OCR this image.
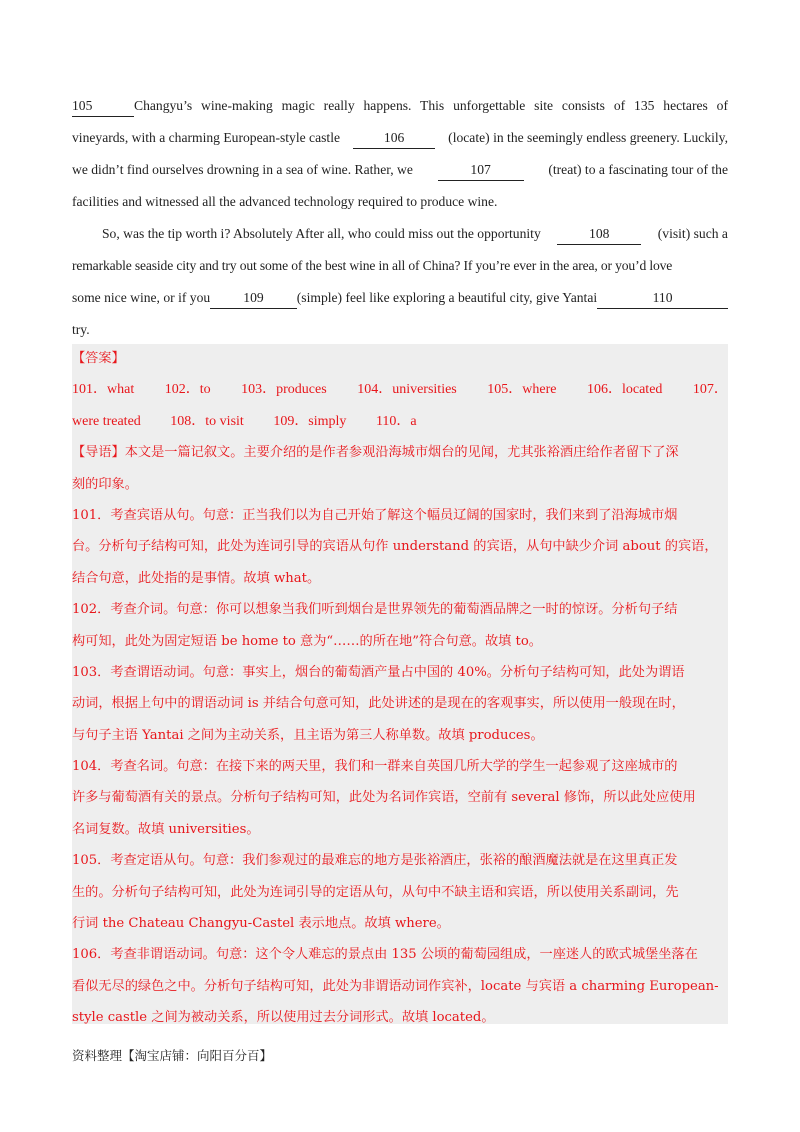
105	Changyu’s wine-making magic really happens. This unforgettable site consists of 135 hectares of
vineyards, with a charming European-style castle	106	(locate) in the seemingly endless greenery. Luckily,
we didn’t find ourselves drowning in a sea of wine. Rather, we	107	(treat) to a fascinating tour of the
facilities and witnessed all the advanced technology required to produce wine.
So, was the tip worth i? Absolutely After all, who could miss out the opportunity	108	(visit) such a
remarkable seaside city and try out some of the best wine in all of China? If you’re ever in the area, or you’d love
some nice wine, or if you	109	(simple) feel like exploring a beautiful city, give Yantai	110
try.
【答案】
101．what 102．to 103．produces 104．universities 105．where 106．located 107．
were treated 108．to visit 109．simply 110．a
【导语】本文是一篇记叙文。主要介绍的是作者参观沿海城市烟台的见闻，尤其张裕酒庄给作者留下了深
刻的印象。
101．考查宾语从句。句意：正当我们以为自己开始了解这个幅员辽阔的国家时，我们来到了沿海城市烟
台。分析句子结构可知，此处为连词引导的宾语从句作 understand 的宾语，从句中缺少介词 about 的宾语，
结合句意，此处指的是事情。故填 what。
102．考查介词。句意：你可以想象当我们听到烟台是世界领先的葡萄酒品牌之一时的惊讶。分析句子结
构可知，此处为固定短语 be home to 意为“……的所在地”符合句意。故填 to。
103．考查谓语动词。句意：事实上，烟台的葡萄酒产量占中国的 40%。分析句子结构可知，此处为谓语
动词，根据上句中的谓语动词 is 并结合句意可知，此处讲述的是现在的客观事实，所以使用一般现在时，
与句子主语 Yantai 之间为主动关系，且主语为第三人称单数。故填 produces。
104．考查名词。句意：在接下来的两天里，我们和一群来自英国几所大学的学生一起参观了这座城市的
许多与葡萄酒有关的景点。分析句子结构可知，此处为名词作宾语，空前有 several 修饰，所以此处应使用
名词复数。故填 universities。
105．考查定语从句。句意：我们参观过的最难忘的地方是张裕酒庄，张裕的酿酒魔法就是在这里真正发
生的。分析句子结构可知，此处为连词引导的定语从句，从句中不缺主语和宾语，所以使用关系副词，先
行词 the Chateau Changyu-Castel 表示地点。故填 where。
106．考查非谓语动词。句意：这个令人难忘的景点由 135 公顷的葡萄园组成，一座迷人的欧式城堡坐落在
看似无尽的绿色之中。分析句子结构可知，此处为非谓语动词作宾补，locate 与宾语 a charming European-
style castle 之间为被动关系，所以使用过去分词形式。故填 located。
资料整理【淘宝店铺：向阳百分百】
